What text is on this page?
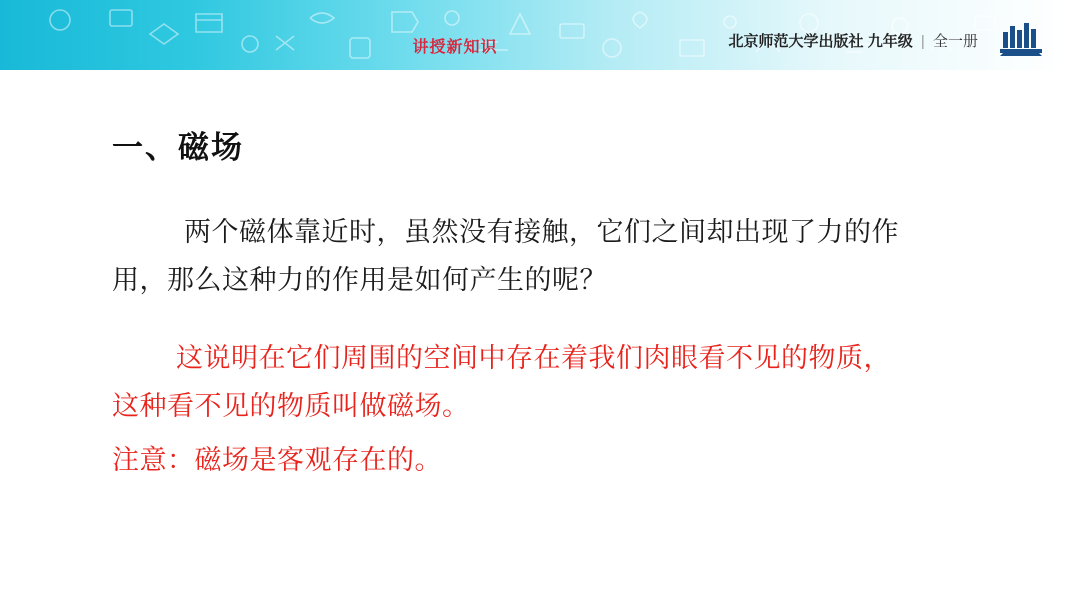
讲授新知识	北京师范大学出版社 九年级 | 全一册
一、磁场
两个磁体靠近时，虽然没有接触，它们之间却出现了力的作用，那么这种力的作用是如何产生的呢？
这说明在它们周围的空间中存在着我们肉眼看不见的物质，这种看不见的物质叫做磁场。
注意：磁场是客观存在的。
